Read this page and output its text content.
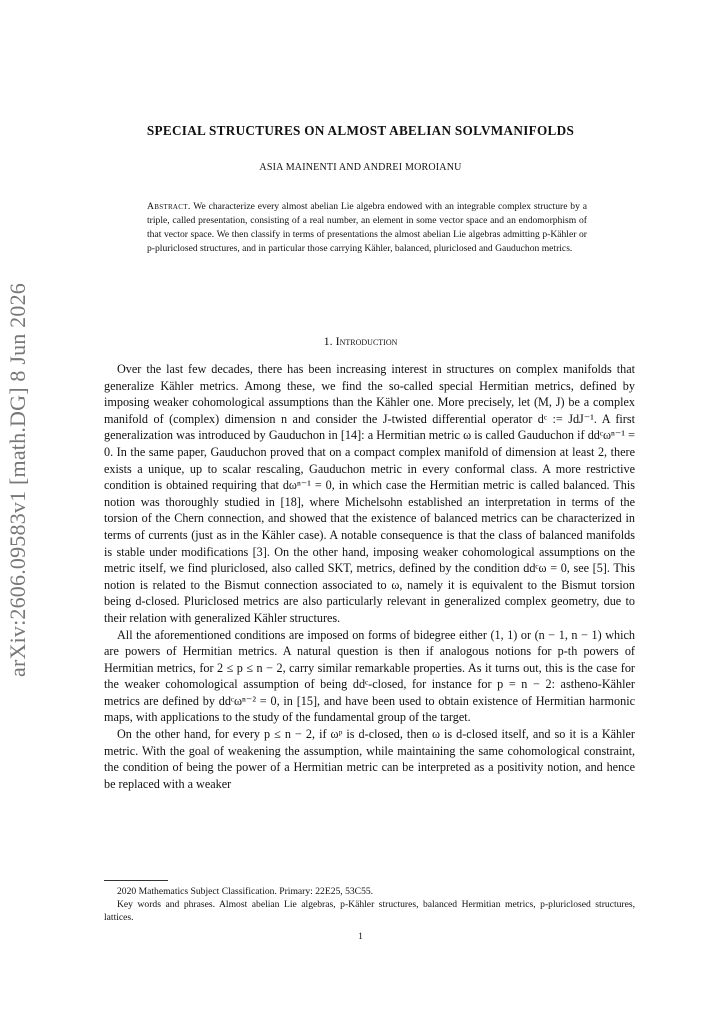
arXiv:2606.09583v1 [math.DG] 8 Jun 2026
SPECIAL STRUCTURES ON ALMOST ABELIAN SOLVMANIFOLDS
ASIA MAINENTI AND ANDREI MOROIANU

Abstract. We characterize every almost abelian Lie algebra endowed with an integrable complex structure by a triple, called presentation, consisting of a real number, an element in some vector space and an endomorphism of that vector space. We then classify in terms of presentations the almost abelian Lie algebras admitting p-Kähler or p-pluriclosed structures, and in particular those carrying Kähler, balanced, pluriclosed and Gauduchon metrics.

1. Introduction

Over the last few decades, there has been increasing interest in structures on complex manifolds that generalize Kähler metrics. Among these, we find the so-called special Hermitian metrics, defined by imposing weaker cohomological assumptions than the Kähler one. More precisely, let (M, J) be a complex manifold of (complex) dimension n and consider the J-twisted differential operator dᶜ := JdJ⁻¹. A first generalization was introduced by Gauduchon in [14]: a Hermitian metric ω is called Gauduchon if ddᶜωⁿ⁻¹ = 0. In the same paper, Gauduchon proved that on a compact complex manifold of dimension at least 2, there exists a unique, up to scalar rescaling, Gauduchon metric in every conformal class. A more restrictive condition is obtained requiring that dωⁿ⁻¹ = 0, in which case the Hermitian metric is called balanced. This notion was thoroughly studied in [18], where Michelsohn established an interpretation in terms of the torsion of the Chern connection, and showed that the existence of balanced metrics can be characterized in terms of currents (just as in the Kähler case). A notable consequence is that the class of balanced manifolds is stable under modifications [3]. On the other hand, imposing weaker cohomological assumptions on the metric itself, we find pluriclosed, also called SKT, metrics, defined by the condition ddᶜω = 0, see [5]. This notion is related to the Bismut connection associated to ω, namely it is equivalent to the Bismut torsion being d-closed. Pluriclosed metrics are also particularly relevant in generalized complex geometry, due to their relation with generalized Kähler structures.

All the aforementioned conditions are imposed on forms of bidegree either (1, 1) or (n − 1, n − 1) which are powers of Hermitian metrics. A natural question is then if analogous notions for p-th powers of Hermitian metrics, for 2 ≤ p ≤ n − 2, carry similar remarkable properties. As it turns out, this is the case for the weaker cohomological assumption of being ddᶜ-closed, for instance for p = n − 2: astheno-Kähler metrics are defined by ddᶜωⁿ⁻² = 0, in [15], and have been used to obtain existence of Hermitian harmonic maps, with applications to the study of the fundamental group of the target.

On the other hand, for every p ≤ n − 2, if ωᵖ is d-closed, then ω is d-closed itself, and so it is a Kähler metric. With the goal of weakening the assumption, while maintaining the same cohomological constraint, the condition of being the power of a Hermitian metric can be interpreted as a positivity notion, and hence be replaced with a weaker

2020 Mathematics Subject Classification. Primary: 22E25, 53C55.

Key words and phrases. Almost abelian Lie algebras, p-Kähler structures, balanced Hermitian metrics, p-pluriclosed structures, lattices.

1
